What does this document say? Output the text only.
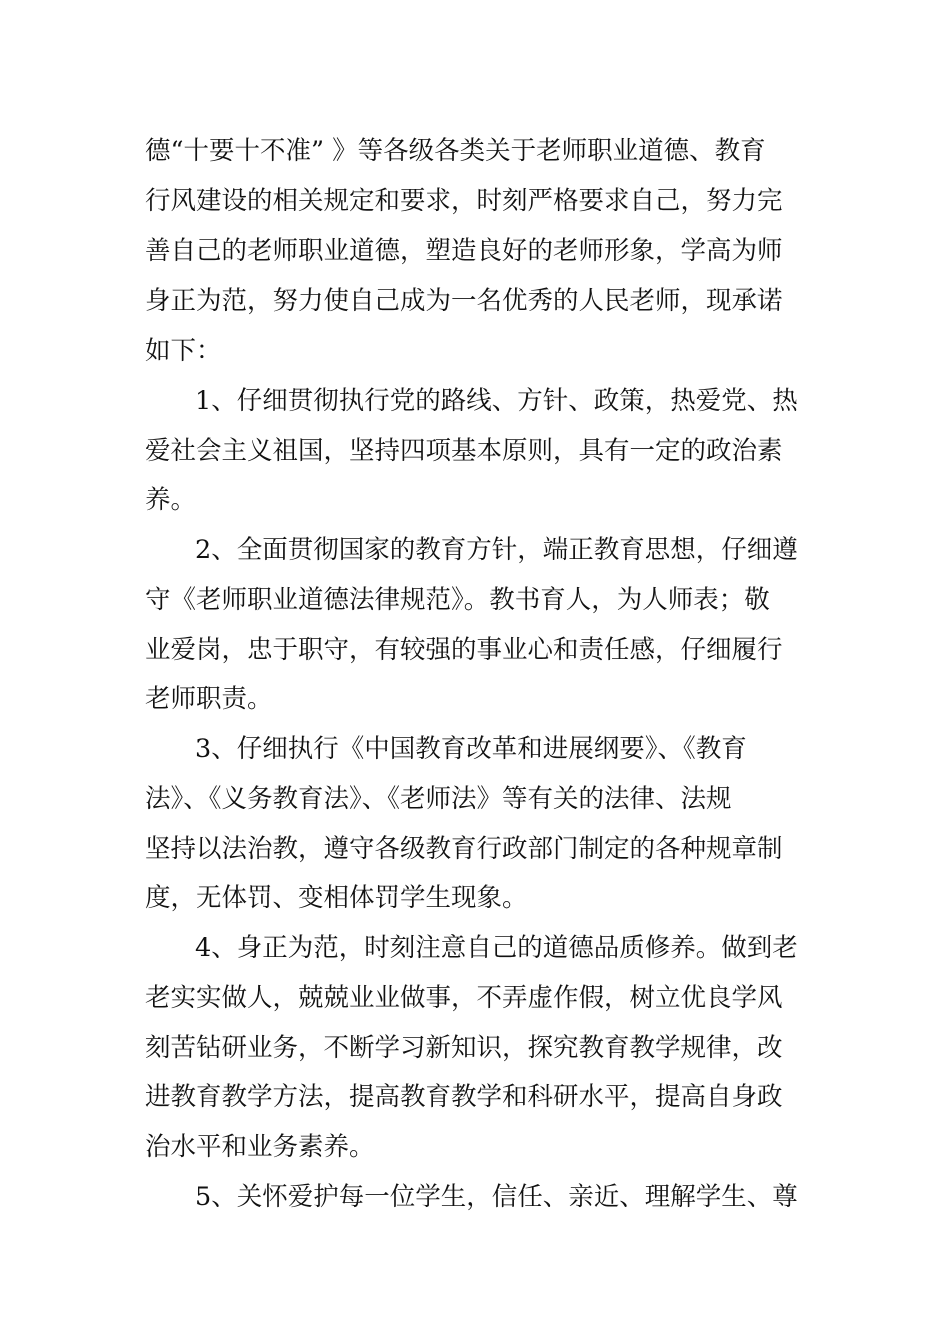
德“十要十不准” 》等各级各类关于老师职业道德、教育
行风建设的相关规定和要求，时刻严格要求自己，努力完
善自己的老师职业道德，塑造良好的老师形象，学高为师
身正为范，努力使自己成为一名优秀的人民老师，现承诺
如下：
1、仔细贯彻执行党的路线、方针、政策，热爱党、热
爱社会主义祖国，坚持四项基本原则，具有一定的政治素
养。
2、全面贯彻国家的教育方针，端正教育思想，仔细遵
守《老师职业道德法律规范》。教书育人，为人师表；敬
业爱岗，忠于职守，有较强的事业心和责任感，仔细履行
老师职责。
3、仔细执行《中国教育改革和进展纲要》、《教育
法》、《义务教育法》、《老师法》等有关的法律、法规
坚持以法治教，遵守各级教育行政部门制定的各种规章制
度，无体罚、变相体罚学生现象。
4、身正为范，时刻注意自己的道德品质修养。做到老
老实实做人，兢兢业业做事，不弄虚作假，树立优良学风
刻苦钻研业务，不断学习新知识，探究教育教学规律，改
进教育教学方法，提高教育教学和科研水平，提高自身政
治水平和业务素养。
5、关怀爱护每一位学生，信任、亲近、理解学生、尊
